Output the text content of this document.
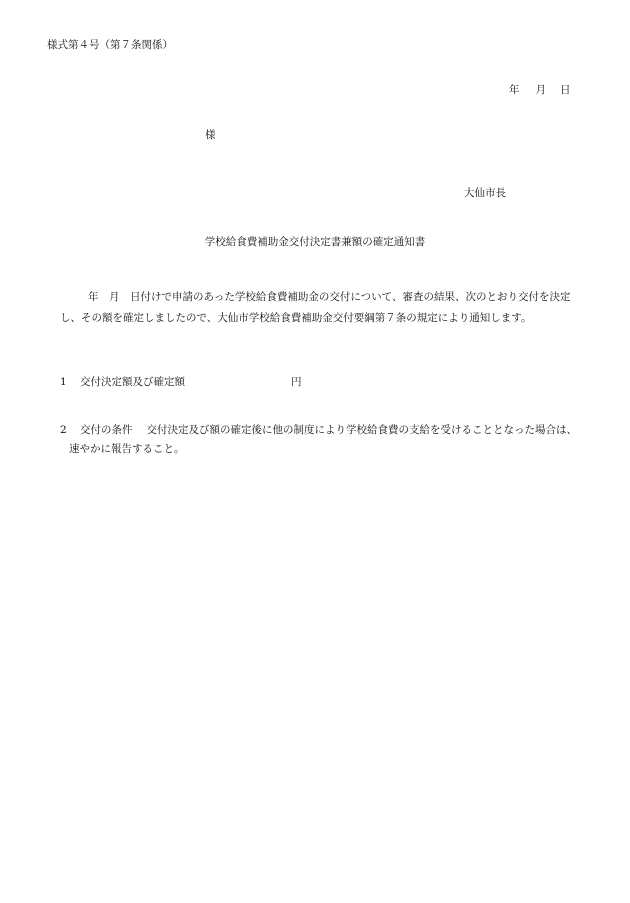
様式第４号（第７条関係）
年 月 日
様
大仙市長
学校給食費補助金交付決定書兼額の確定通知書
年　月　日付けで申請のあった学校給食費補助金の交付について、審査の結果、次のとおり交付を決定
し、その額を確定しましたので、大仙市学校給食費補助金交付要綱第７条の規定により通知します。
1 交付決定額及び確定額	円
2 交付の条件 交付決定及び額の確定後に他の制度により学校給食費の支給を受けることとなった場合は、
速やかに報告すること。
